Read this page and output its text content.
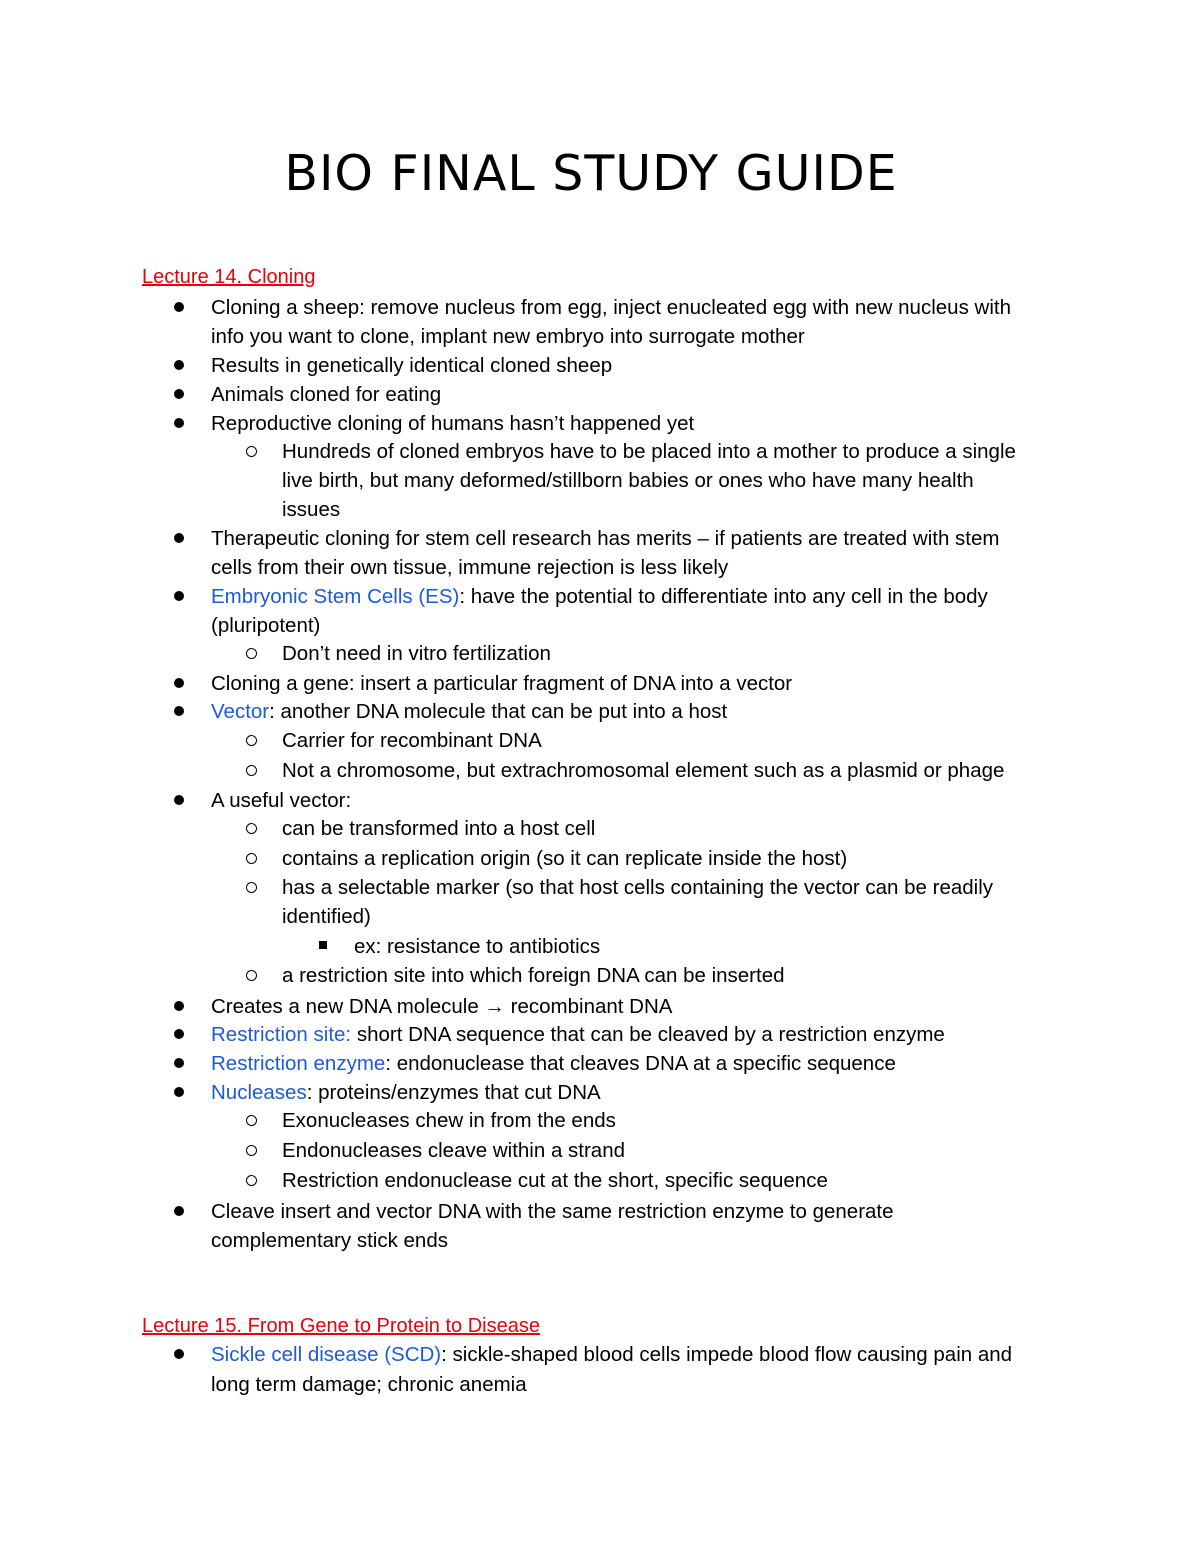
BIO FINAL STUDY GUIDE
Lecture 14. Cloning
Cloning a sheep: remove nucleus from egg, inject enucleated egg with new nucleus with
info you want to clone, implant new embryo into surrogate mother
Results in genetically identical cloned sheep
Animals cloned for eating
Reproductive cloning of humans hasn’t happened yet
Hundreds of cloned embryos have to be placed into a mother to produce a single
live birth, but many deformed/stillborn babies or ones who have many health
issues
Therapeutic cloning for stem cell research has merits – if patients are treated with stem
cells from their own tissue, immune rejection is less likely
Embryonic Stem Cells (ES): have the potential to differentiate into any cell in the body
(pluripotent)
Don’t need in vitro fertilization
Cloning a gene: insert a particular fragment of DNA into a vector
Vector: another DNA molecule that can be put into a host
Carrier for recombinant DNA
Not a chromosome, but extrachromosomal element such as a plasmid or phage
A useful vector:
can be transformed into a host cell
contains a replication origin (so it can replicate inside the host)
has a selectable marker (so that host cells containing the vector can be readily
identified)
ex: resistance to antibiotics
a restriction site into which foreign DNA can be inserted
Creates a new DNA molecule → recombinant DNA
Restriction site: short DNA sequence that can be cleaved by a restriction enzyme
Restriction enzyme: endonuclease that cleaves DNA at a specific sequence
Nucleases: proteins/enzymes that cut DNA
Exonucleases chew in from the ends
Endonucleases cleave within a strand
Restriction endonuclease cut at the short, specific sequence
Cleave insert and vector DNA with the same restriction enzyme to generate
complementary stick ends
Lecture 15. From Gene to Protein to Disease
Sickle cell disease (SCD): sickle-shaped blood cells impede blood flow causing pain and
long term damage; chronic anemia
